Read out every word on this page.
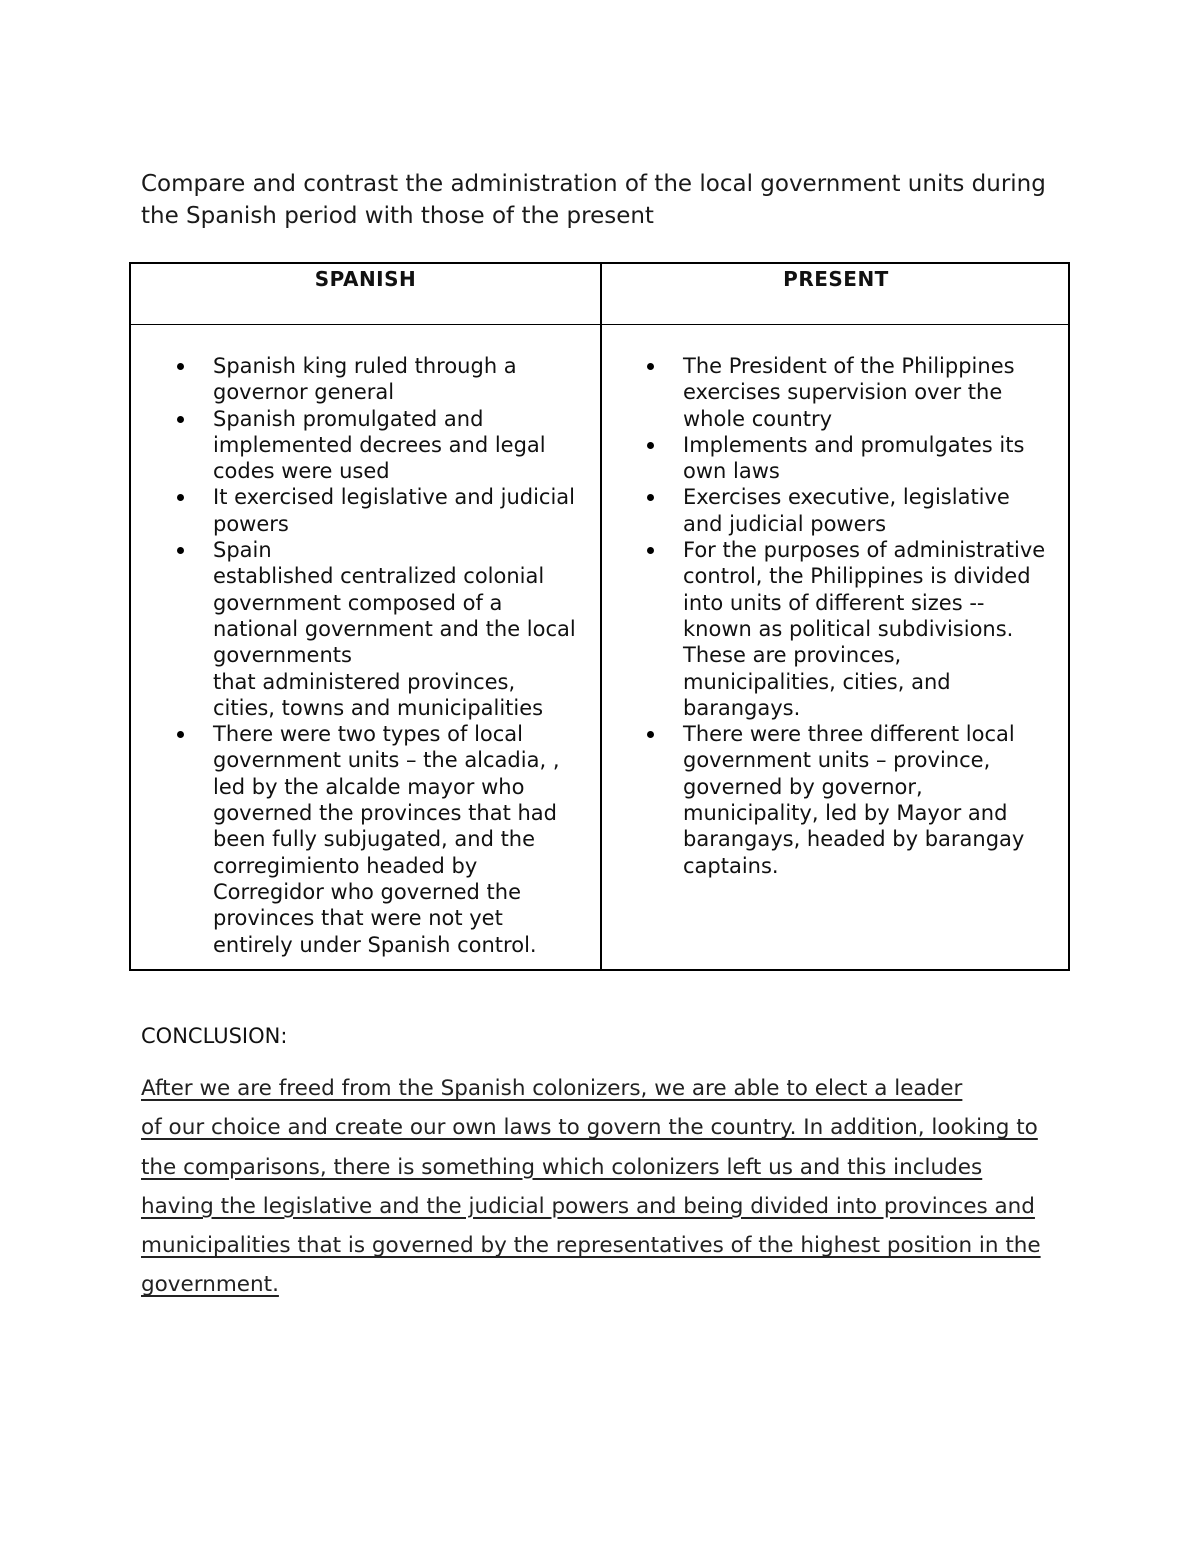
Compare and contrast the administration of the local government units during
the Spanish period with those of the present

SPANISH	PRESENT
Spanish king ruled through a
governor general
Spanish promulgated and
implemented decrees and legal
codes were used
It exercised legislative and judicial
powers
Spain
established centralized colonial
government composed of a
national government and the local
governments
that administered provinces,
cities, towns and municipalities
There were two types of local
government units – the alcadia, ,
led by the alcalde mayor who
governed the provinces that had
been fully subjugated, and the
corregimiento headed by
Corregidor who governed the
provinces that were not yet
entirely under Spanish control.
The President of the Philippines
exercises supervision over the
whole country
Implements and promulgates its
own laws
Exercises executive, legislative
and judicial powers
For the purposes of administrative
control, the Philippines is divided
into units of different sizes --
known as political subdivisions.
These are provinces,
municipalities, cities, and
barangays.
There were three different local
government units – province,
governed by governor,
municipality, led by Mayor and
barangays, headed by barangay
captains.

CONCLUSION:

After we are freed from the Spanish colonizers, we are able to elect a leader
of our choice and create our own laws to govern the country. In addition, looking to
the comparisons, there is something which colonizers left us and this includes
having the legislative and the judicial powers and being divided into provinces and
municipalities that is governed by the representatives of the highest position in the
government.
